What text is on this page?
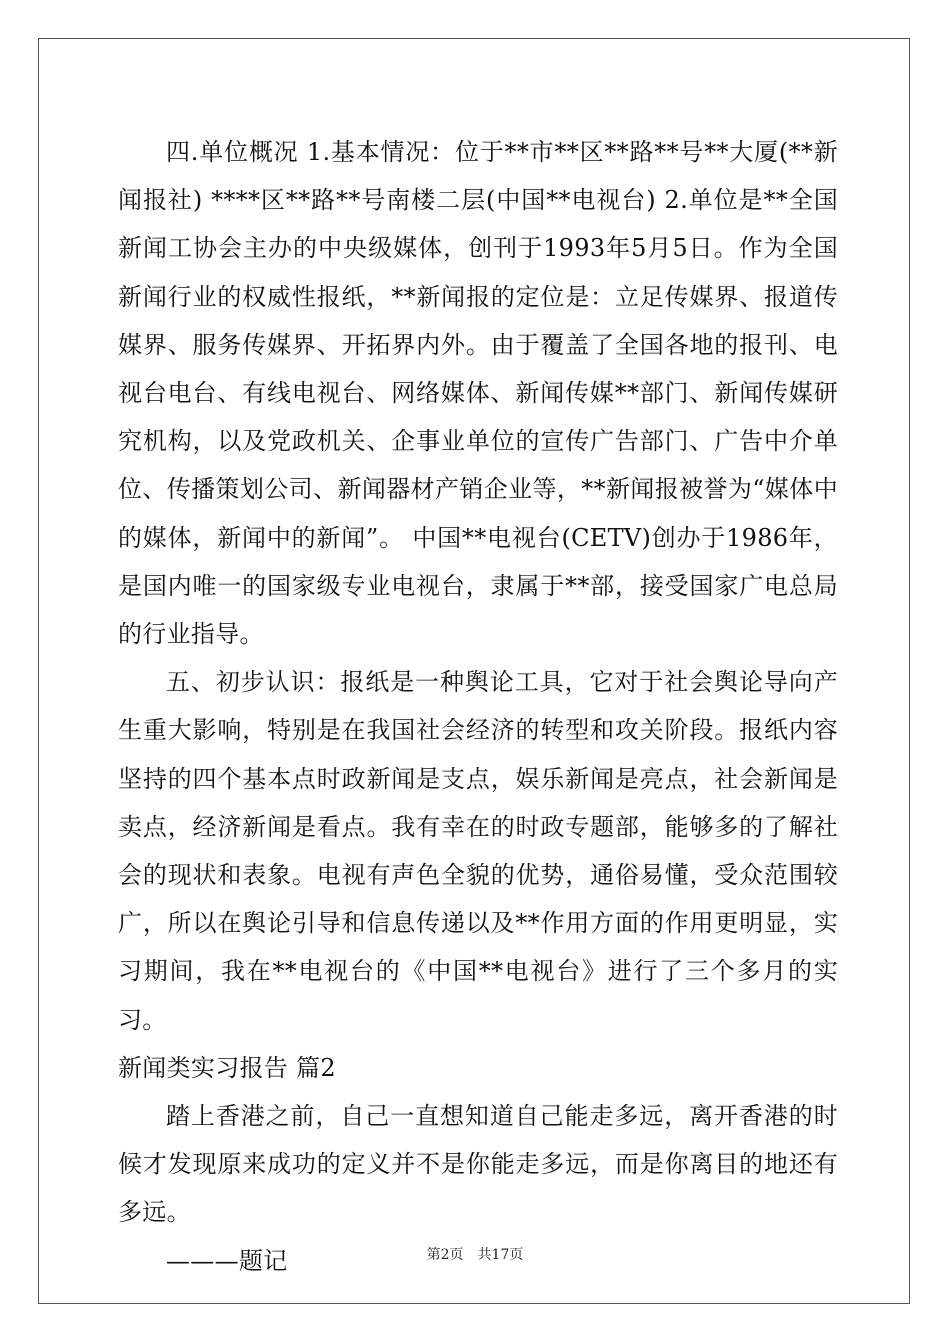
四.单位概况 1.基本情况：位于**市**区**路**号**大厦(**新闻报社) ****区**路**号南楼二层(中国**电视台) 2.单位是**全国新闻工协会主办的中央级媒体，创刊于1993年5月5日。作为全国新闻行业的权威性报纸，**新闻报的定位是：立足传媒界、报道传媒界、服务传媒界、开拓界内外。由于覆盖了全国各地的报刊、电视台电台、有线电视台、网络媒体、新闻传媒**部门、新闻传媒研究机构，以及党政机关、企事业单位的宣传广告部门、广告中介单位、传播策划公司、新闻器材产销企业等，**新闻报被誉为“媒体中的媒体，新闻中的新闻”。 中国**电视台(CETV)创办于1986年，是国内唯一的国家级专业电视台，隶属于**部，接受国家广电总局的行业指导。

五、初步认识：报纸是一种舆论工具，它对于社会舆论导向产生重大影响，特别是在我国社会经济的转型和攻关阶段。报纸内容坚持的四个基本点时政新闻是支点，娱乐新闻是亮点，社会新闻是卖点，经济新闻是看点。我有幸在的时政专题部，能够多的了解社会的现状和表象。电视有声色全貌的优势，通俗易懂，受众范围较广，所以在舆论引导和信息传递以及**作用方面的作用更明显，实习期间，我在**电视台的《中国**电视台》进行了三个多月的实习。

新闻类实习报告 篇2

踏上香港之前，自己一直想知道自己能走多远，离开香港的时候才发现原来成功的定义并不是你能走多远，而是你离目的地还有多远。

———题记	第2页　共17页
